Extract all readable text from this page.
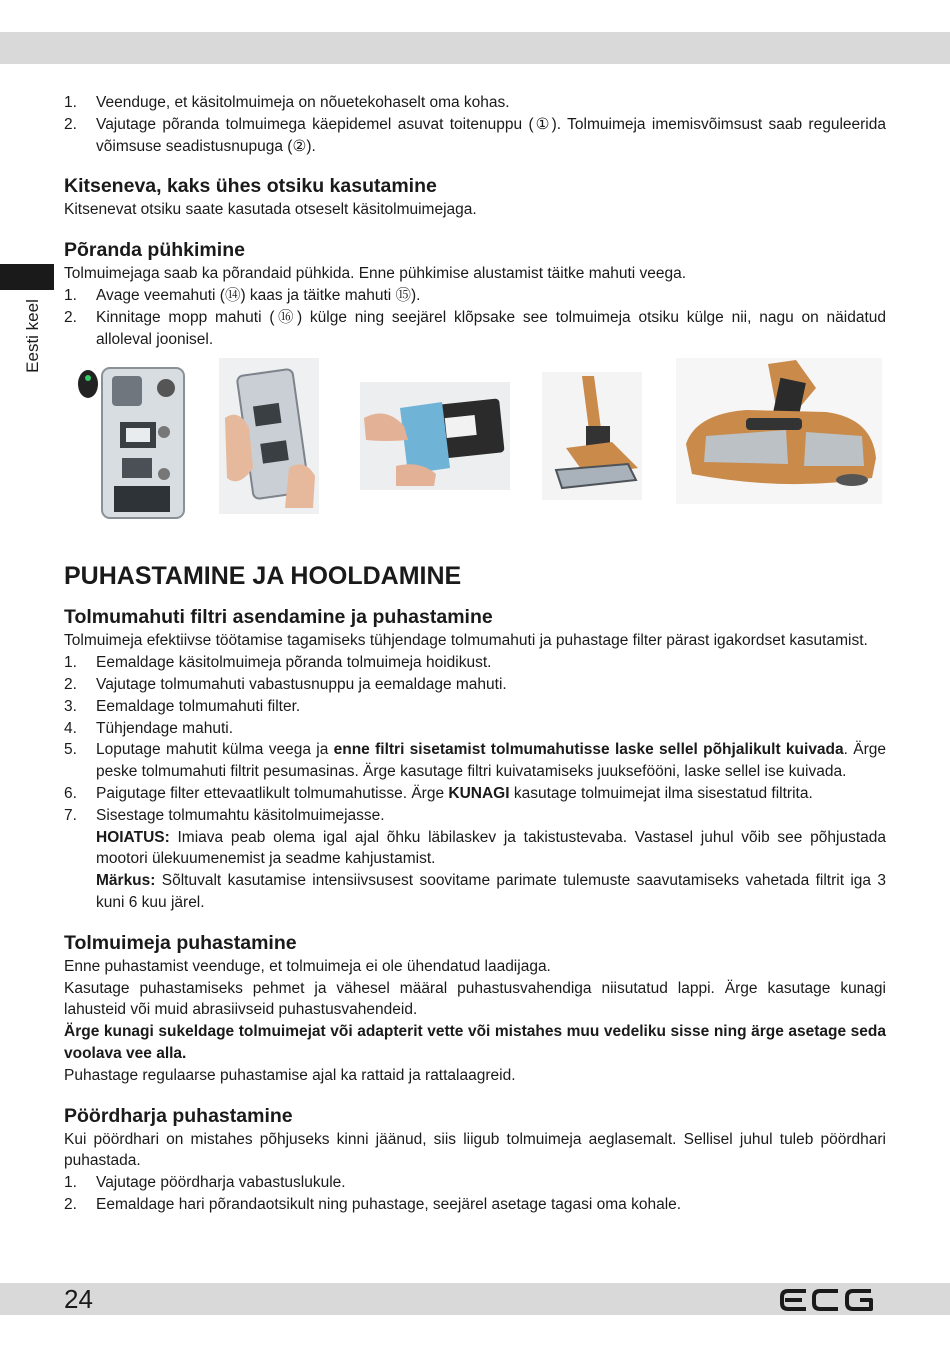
Eesti keel
1. Veenduge, et käsitolmuimeja on nõuetekohaselt oma kohas.
2. Vajutage põranda tolmuimega käepidemel asuvat toitenuppu (①). Tolmuimeja imemisvõimsust saab reguleerida võimsuse seadistusnupuga (②).
Kitseneva, kaks ühes otsiku kasutamine

Kitsenevat otsiku saate kasutada otseselt käsitolmuimejaga.

Põranda pühkimine

Tolmuimejaga saab ka põrandaid pühkida. Enne pühkimise alustamist täitke mahuti veega.

1. Avage veemahuti (⑭) kaas ja täitke mahuti ⑮).
2. Kinnitage mopp mahuti (⑯) külge ning seejärel klõpsake see tolmuimeja otsiku külge nii, nagu on näidatud alloleval joonisel.
PUHASTAMINE JA HOOLDAMINE
Tolmumahuti filtri asendamine ja puhastamine

Tolmuimeja efektiivse töötamise tagamiseks tühjendage tolmumahuti ja puhastage filter pärast igakordset kasutamist.

1. Eemaldage käsitolmuimeja põranda tolmuimeja hoidikust.
2. Vajutage tolmumahuti vabastusnuppu ja eemaldage mahuti.
3. Eemaldage tolmumahuti filter.
4. Tühjendage mahuti.
5. Loputage mahutit külma veega ja enne filtri sisetamist tolmumahutisse laske sellel põhjalikult kuivada. Ärge peske tolmumahuti filtrit pesumasinas. Ärge kasutage filtri kuivatamiseks juuksefööni, laske sellel ise kuivada.
6. Paigutage filter ettevaatlikult tolmumahutisse. Ärge KUNAGI kasutage tolmuimejat ilma sisestatud filtrita.
7. Sisestage tolmumahtu käsitolmuimejasse.

HOIATUS: Imiava peab olema igal ajal õhku läbilaskev ja takistustevaba. Vastasel juhul võib see põhjustada mootori ülekuumenemist ja seadme kahjustamist.

Märkus: Sõltuvalt kasutamise intensiivsusest soovitame parimate tulemuste saavutamiseks vahetada filtrit iga 3 kuni 6 kuu järel.

Tolmuimeja puhastamine

Enne puhastamist veenduge, et tolmuimeja ei ole ühendatud laadijaga.

Kasutage puhastamiseks pehmet ja vähesel määral puhastusvahendiga niisutatud lappi. Ärge kasutage kunagi lahusteid või muid abrasiivseid puhastusvahendeid.

Ärge kunagi sukeldage tolmuimejat või adapterit vette või mistahes muu vedeliku sisse ning ärge asetage seda voolava vee alla.

Puhastage regulaarse puhastamise ajal ka rattaid ja rattalaagreid.

Pöördharja puhastamine

Kui pöördhari on mistahes põhjuseks kinni jäänud, siis liigub tolmuimeja aeglasemalt. Sellisel juhul tuleb pöördhari puhastada.

1. Vajutage pöördharja vabastuslukule.
2. Eemaldage hari põrandaotsikult ning puhastage, seejärel asetage tagasi oma kohale.
24
